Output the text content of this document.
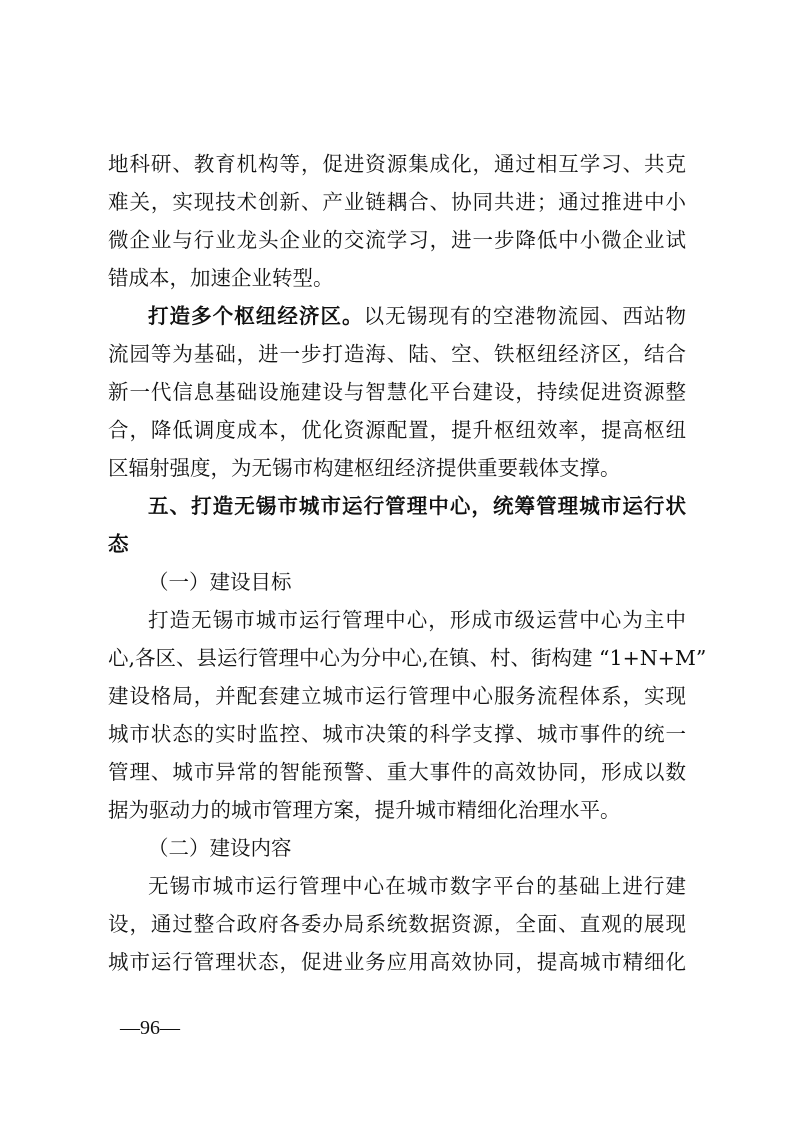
地科研、教育机构等，促进资源集成化，通过相互学习、共克
难关，实现技术创新、产业链耦合、协同共进；通过推进中小
微企业与行业龙头企业的交流学习，进一步降低中小微企业试
错成本，加速企业转型。
打造多个枢纽经济区。以无锡现有的空港物流园、西站物
流园等为基础，进一步打造海、陆、空、铁枢纽经济区，结合
新一代信息基础设施建设与智慧化平台建设，持续促进资源整
合，降低调度成本，优化资源配置，提升枢纽效率，提高枢纽
区辐射强度，为无锡市构建枢纽经济提供重要载体支撑。
五、打造无锡市城市运行管理中心，统筹管理城市运行状
态
（一）建设目标
打造无锡市城市运行管理中心，形成市级运营中心为主中
心,各区、县运行管理中心为分中心,在镇、村、街构建 “1+N+M”
建设格局，并配套建立城市运行管理中心服务流程体系，实现
城市状态的实时监控、城市决策的科学支撑、城市事件的统一
管理、城市异常的智能预警、重大事件的高效协同，形成以数
据为驱动力的城市管理方案，提升城市精细化治理水平。
（二）建设内容
无锡市城市运行管理中心在城市数字平台的基础上进行建
设，通过整合政府各委办局系统数据资源，全面、直观的展现
城市运行管理状态，促进业务应用高效协同，提高城市精细化
—96—
